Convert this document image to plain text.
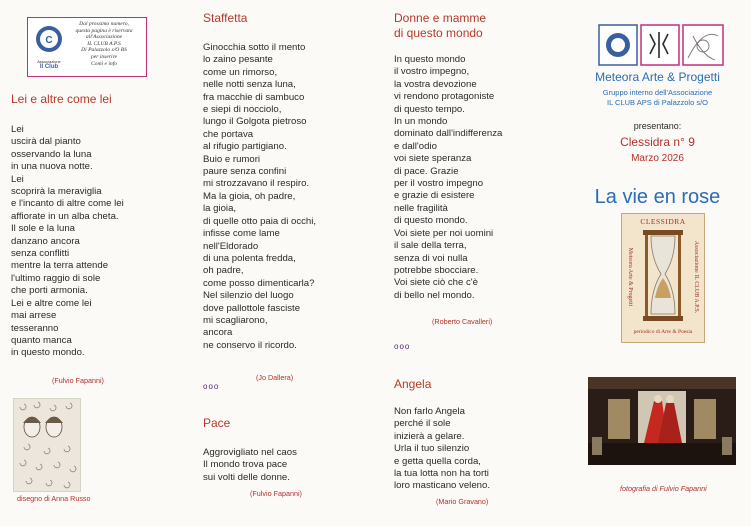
C
Associazione
Il Club
Dal prossimo numero,
questa pagina è riservata
all'Associazione
IL CLUB A.P.S
Di Palazzolo s/O BS
per inserire
Comi e info
Lei e altre come lei
Lei
uscirà dal pianto
osservando la luna
in una nuova notte.
Lei
scoprirà la meraviglia
e l'incanto di altre come lei
affiorate in un alba cheta.
Il sole e la luna
danzano ancora
senza conflitti
mentre la terra attende
l'ultimo raggio di sole
che porti armonia.
Lei e altre come lei
mai arrese
tesseranno
quanto manca
in questo mondo.
(Fulvio Fapanni)
disegno di Anna Russo
Staffetta
Ginocchia sotto il mento
lo zaino pesante
come un rimorso,
nelle notti senza luna,
fra macchie di sambuco
e siepi di nocciolo,
lungo il Golgota pietroso
che portava
al rifugio partigiano.
Buio e rumori
paure senza confini
mi strozzavano il respiro.
Ma la gioia, oh padre,
la gioia,
di quelle otto paia di occhi,
infisse come lame
nell'Eldorado
di una polenta fredda,
oh padre,
come posso dimenticarla?
Nel silenzio del luogo
dove pallottole fasciste
mi scagliarono,
ancora
ne conservo il ricordo.
(Jo Dallera)
ooo
Pace
Aggrovigliato nel caos
Il mondo trova pace
sui volti delle donne.
(Fulvio Fapanni)
Donne e mamme
di questo mondo
In questo mondo
il vostro impegno,
la vostra devozione
vi rendono protagoniste
di questo tempo.
In un mondo
dominato dall'indifferenza
e dall'odio
voi siete speranza
di pace. Grazie
per il vostro impegno
e grazie di esistere
nelle fragilità
di questo mondo.
Voi siete per noi uomini
il sale della terra,
senza di voi nulla
potrebbe sbocciare.
Voi siete ciò che c'è
di bello nel mondo.
(Roberto Cavalleri)
ooo
Angela
Non farlo Angela
perché il sole
inizierà a gelare.
Urla il tuo silenzio
e getta quella corda,
la tua lotta non ha torti
loro masticano veleno.
(Mario Gravano)
Meteora Arte & Progetti
Gruppo interno dell'Associazione
IL CLUB APS di Palazzolo s/O
presentano:
Clessidra n° 9
Marzo 2026
La vie en rose
CLESSIDRA
Meteora Arte & Progetti	Associazione IL CLUB A.P.S.
periodico di Arte & Poesia
fotografia di Fulvio Fapanni
